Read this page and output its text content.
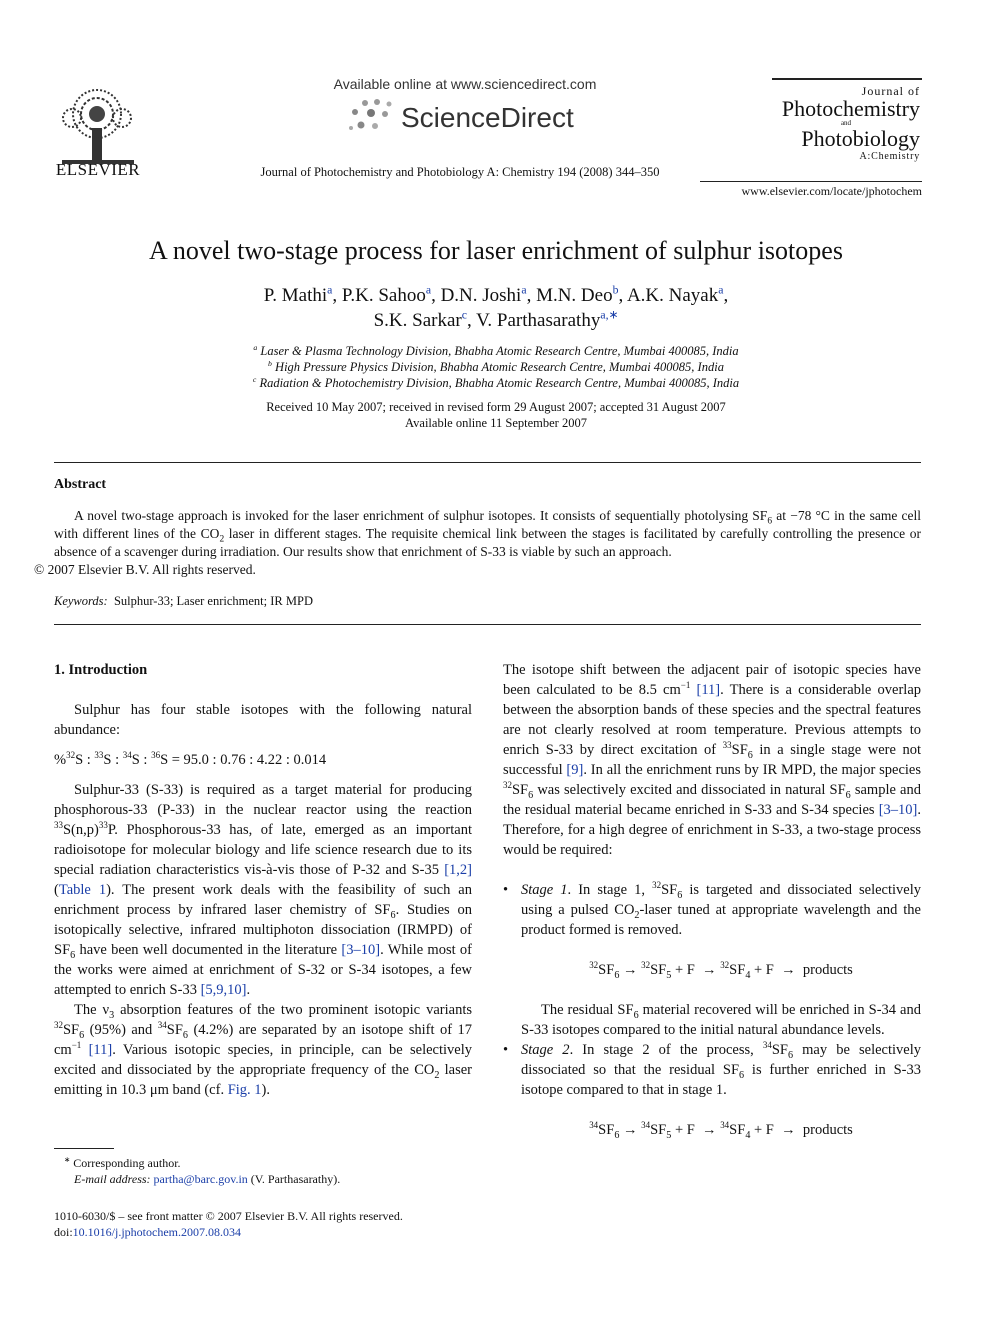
ELSEVIER
Available online at www.sciencedirect.com
ScienceDirect
Journal of Photochemistry and Photobiology A: Chemistry 194 (2008) 344–350
Journal of
Photochemistry
and
Photobiology
A:Chemistry
www.elsevier.com/locate/jphotochem
A novel two-stage process for laser enrichment of sulphur isotopes
P. Mathi$^a$, P.K. Sahoo$^a$, D.N. Joshi$^a$, M.N. Deo$^b$, A.K. Nayak$^a$,
S.K. Sarkar$^c$, V. Parthasarathy$^{a,∗}$
$^a$ Laser & Plasma Technology Division, Bhabha Atomic Research Centre, Mumbai 400085, India
$^b$ High Pressure Physics Division, Bhabha Atomic Research Centre, Mumbai 400085, India
$^c$ Radiation & Photochemistry Division, Bhabha Atomic Research Centre, Mumbai 400085, India
Received 10 May 2007; received in revised form 29 August 2007; accepted 31 August 2007
Available online 11 September 2007
Abstract
A novel two-stage approach is invoked for the laser enrichment of sulphur isotopes. It consists of sequentially photolysing $SF_6$ at −78 °C in the same cell with different lines of the $CO_2$ laser in different stages. The requisite chemical link between the stages is facilitated by carefully controlling the presence or absence of a scavenger during irradiation. Our results show that enrichment of S-33 is viable by such an approach.
© 2007 Elsevier B.V. All rights reserved.
Keywords: Sulphur-33; Laser enrichment; IR MPD

1. Introduction

Sulphur has four stable isotopes with the following natural abundance:

%$^{32}$S : $^{33}$S : $^{34}$S : $^{36}$S = 95.0 : 0.76 : 4.22 : 0.014

Sulphur-33 (S-33) is required as a target material for producing phosphorous-33 (P-33) in the nuclear reactor using the reaction $^{33}S(n,p)^{33}P$. Phosphorous-33 has, of late, emerged as an important radioisotope for molecular biology and life science research due to its special radiation characteristics vis-à-vis those of P-32 and S-35 [1,2] (Table 1). The present work deals with the feasibility of such an enrichment process by infrared laser chemistry of $SF_6$. Studies on isotopically selective, infrared multiphoton dissociation (IRMPD) of $SF_6$ have been well documented in the literature [3–10]. While most of the works were aimed at enrichment of S-32 or S-34 isotopes, a few attempted to enrich S-33 [5,9,10].

The $\nu_3$ absorption features of the two prominent isotopic variants $^{32}SF_6$ (95%) and $^{34}SF_6$ (4.2%) are separated by an isotope shift of 17 $cm^{-1}$ [11]. Various isotopic species, in principle, can be selectively excited and dissociated by the appropriate frequency of the $CO_2$ laser emitting in 10.3 μm band (cf. Fig. 1).

The isotope shift between the adjacent pair of isotopic species have been calculated to be 8.5 $cm^{-1}$ [11]. There is a considerable overlap between the absorption bands of these species and the spectral features are not clearly resolved at room temperature. Previous attempts to enrich S-33 by direct excitation of $^{33}SF_6$ in a single stage were not successful [9]. In all the enrichment runs by IR MPD, the major species $^{32}SF_6$ was selectively excited and dissociated in natural $SF_6$ sample and the residual material became enriched in S-33 and S-34 species [3–10]. Therefore, for a high degree of enrichment in S-33, a two-stage process would be required:

• Stage 1. In stage 1, $^{32}SF_6$ is targeted and dissociated selectively using a pulsed $CO_2$-laser tuned at appropriate wavelength and the product formed is removed.

$^{32}SF_6 \to ^{32}SF_5 + F \to ^{32}SF_4 + F$  →  products

The residual $SF_6$ material recovered will be enriched in S-34 and S-33 isotopes compared to the initial natural abundance levels.

• Stage 2. In stage 2 of the process, $^{34}SF_6$ may be selectively dissociated so that the residual $SF_6$ is further enriched in S-33 isotope compared to that in stage 1.

$^{34}SF_6 \to ^{34}SF_5 + F \to ^{34}SF_4 + F$  →  products

∗ Corresponding author.
E-mail address: partha@barc.gov.in (V. Parthasarathy).
1010-6030/$ – see front matter © 2007 Elsevier B.V. All rights reserved.
doi:10.1016/j.jphotochem.2007.08.034
